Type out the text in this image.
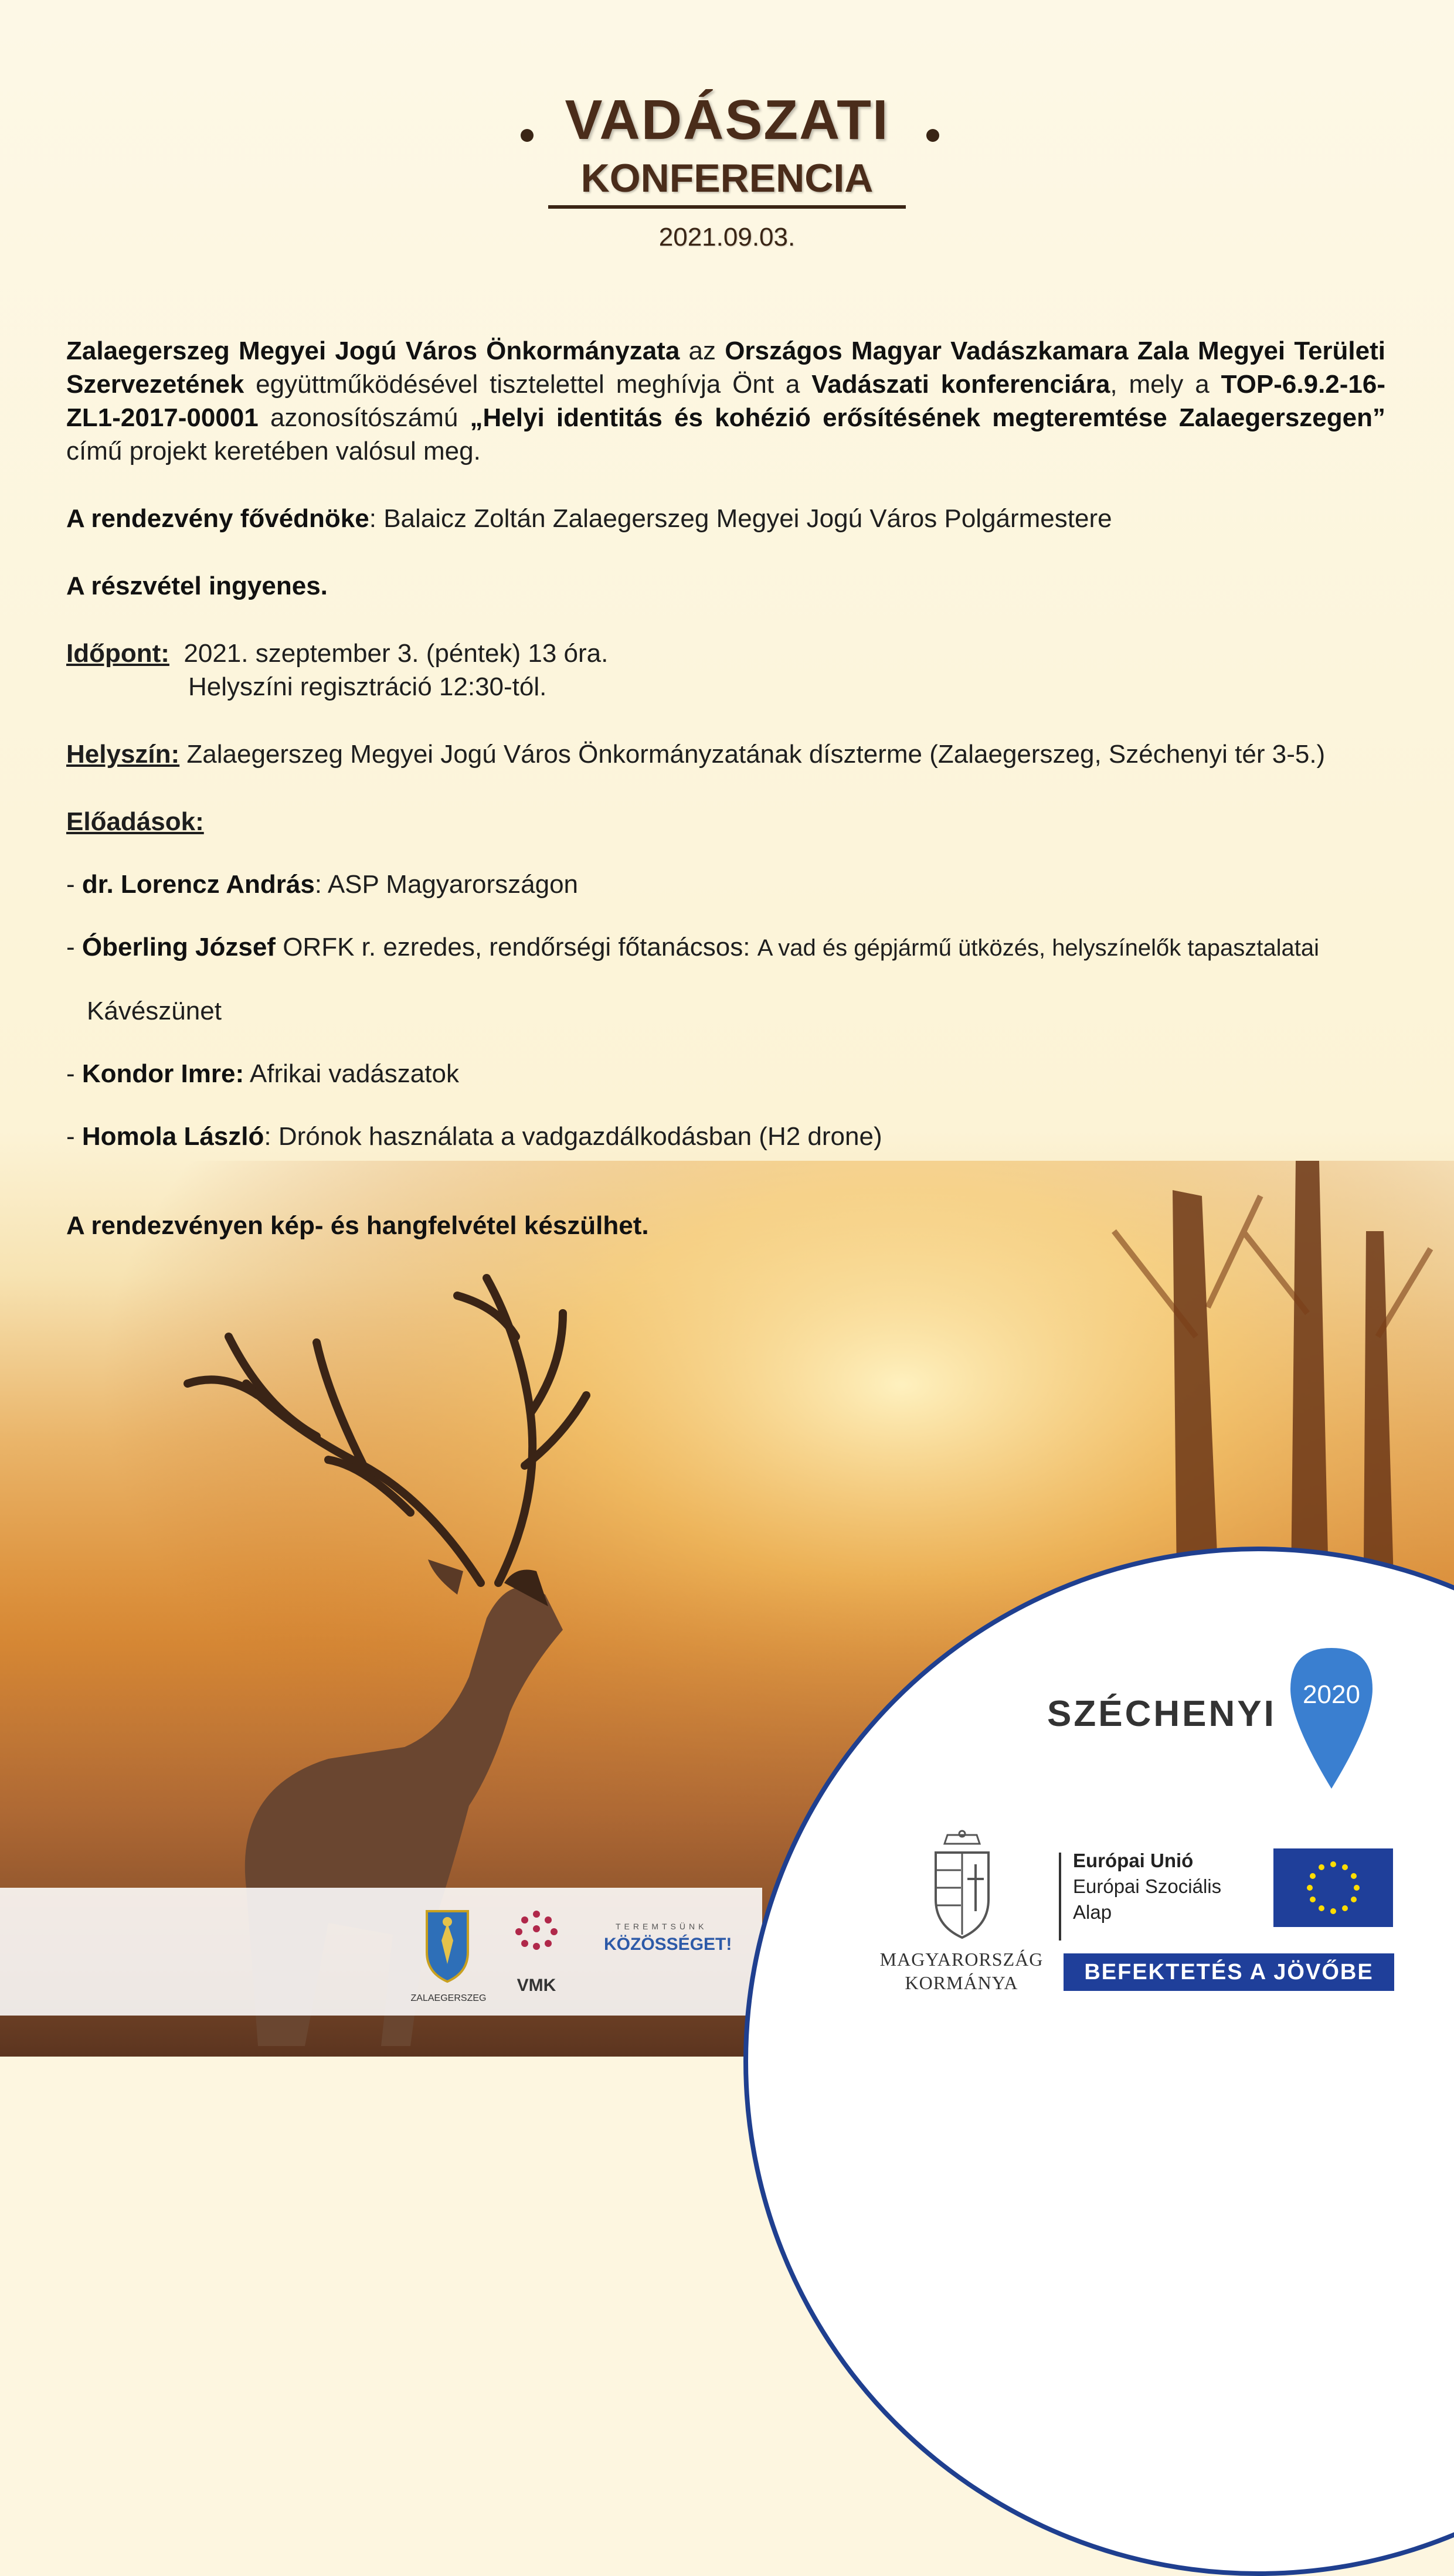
VADÁSZATI
KONFERENCIA
2021.09.03.

Zalaegerszeg Megyei Jogú Város Önkormányzata az Országos Magyar Vadászkamara Zala Megyei Területi Szervezetének együttműködésével tisztelettel meghívja Önt a Vadászati konferenciára, mely a TOP-6.9.2-16-ZL1-2017-00001 azonosítószámú „Helyi identitás és kohézió erősítésének megteremtése Zalaegerszegen” című projekt keretében valósul meg.

A rendezvény fővédnöke: Balaicz Zoltán Zalaegerszeg Megyei Jogú Város Polgármestere
A részvétel ingyenes.
Időpont: 2021. szeptember 3. (péntek) 13 óra.
Helyszíni regisztráció 12:30-tól.
Helyszín: Zalaegerszeg Megyei Jogú Város Önkormányzatának díszterme (Zalaegerszeg, Széchenyi tér 3-5.)
Előadások:
- dr. Lorencz András: ASP Magyarországon
- Óberling József ORFK r. ezredes, rendőrségi főtanácsos: A vad és gépjármű ütközés, helyszínelők tapasztalatai
Kávészünet
- Kondor Imre: Afrikai vadászatok
- Homola László: Drónok használata a vadgazdálkodásban (H2 drone)
A rendezvényen kép- és hangfelvétel készülhet.
ZALAEGERSZEG
VMK
TEREMTSÜNK
KÖZÖSSÉGET!
SZÉCHENYI	2020
MAGYARORSZÁG
KORMÁNYA
Európai Unió
Európai Szociális
Alap
BEFEKTETÉS A JÖVŐBE
